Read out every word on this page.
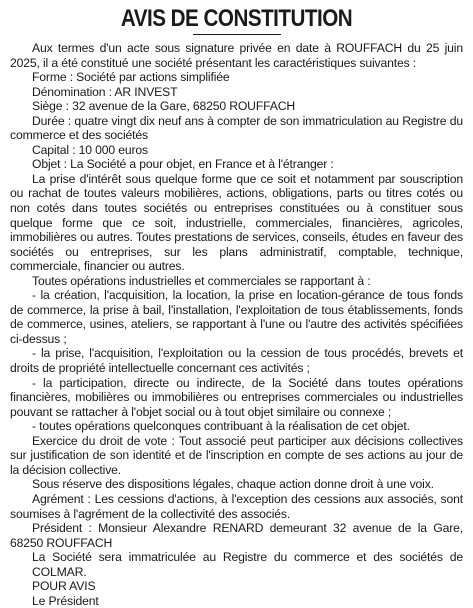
AVIS DE CONSTITUTION

Aux termes d'un acte sous signature privée en date à ROUFFACH du 25 juin 2025, il a été constitué une société présentant les caractéristiques suivantes :

Forme : Société par actions simplifiée

Dénomination : AR INVEST

Siège : 32 avenue de la Gare, 68250 ROUFFACH

Durée : quatre vingt dix neuf ans à compter de son immatriculation au Registre du commerce et des sociétés

Capital : 10 000 euros

Objet : La Société a pour objet, en France et à l'étranger :

La prise d'intérêt sous quelque forme que ce soit et notamment par souscription ou rachat de toutes valeurs mobilières, actions, obligations, parts ou titres cotés ou non cotés dans toutes sociétés ou entreprises constituées ou à constituer sous quelque forme que ce soit, industrielle, commerciales, financières, agricoles, immobilières ou autres. Toutes prestations de services, conseils, études en faveur des sociétés ou entreprises, sur les plans administratif, comptable, technique, commerciale, financier ou autres.

Toutes opérations industrielles et commerciales se rapportant à :

- la création, l'acquisition, la location, la prise en location-gérance de tous fonds de commerce, la prise à bail, l'installation, l'exploitation de tous établissements, fonds de commerce, usines, ateliers, se rapportant à l'une ou l'autre des activités spécifiées ci-dessus ;

- la prise, l'acquisition, l'exploitation ou la cession de tous procédés, brevets et droits de propriété intellectuelle concernant ces activités ;

- la participation, directe ou indirecte, de la Société dans toutes opérations financières, mobilières ou immobilières ou entreprises commerciales ou industrielles pouvant se rattacher à l'objet social ou à tout objet similaire ou connexe ;

- toutes opérations quelconques contribuant à la réalisation de cet objet.

Exercice du droit de vote : Tout associé peut participer aux décisions collectives sur justification de son identité et de l'inscription en compte de ses actions au jour de la décision collective.

Sous réserve des dispositions légales, chaque action donne droit à une voix.

Agrément : Les cessions d'actions, à l'exception des cessions aux associés, sont soumises à l'agrément de la collectivité des associés.

Président : Monsieur Alexandre RENARD demeurant 32 avenue de la Gare, 68250 ROUFFACH

La Société sera immatriculée au Registre du commerce et des sociétés de COLMAR.

POUR AVIS

Le Président
